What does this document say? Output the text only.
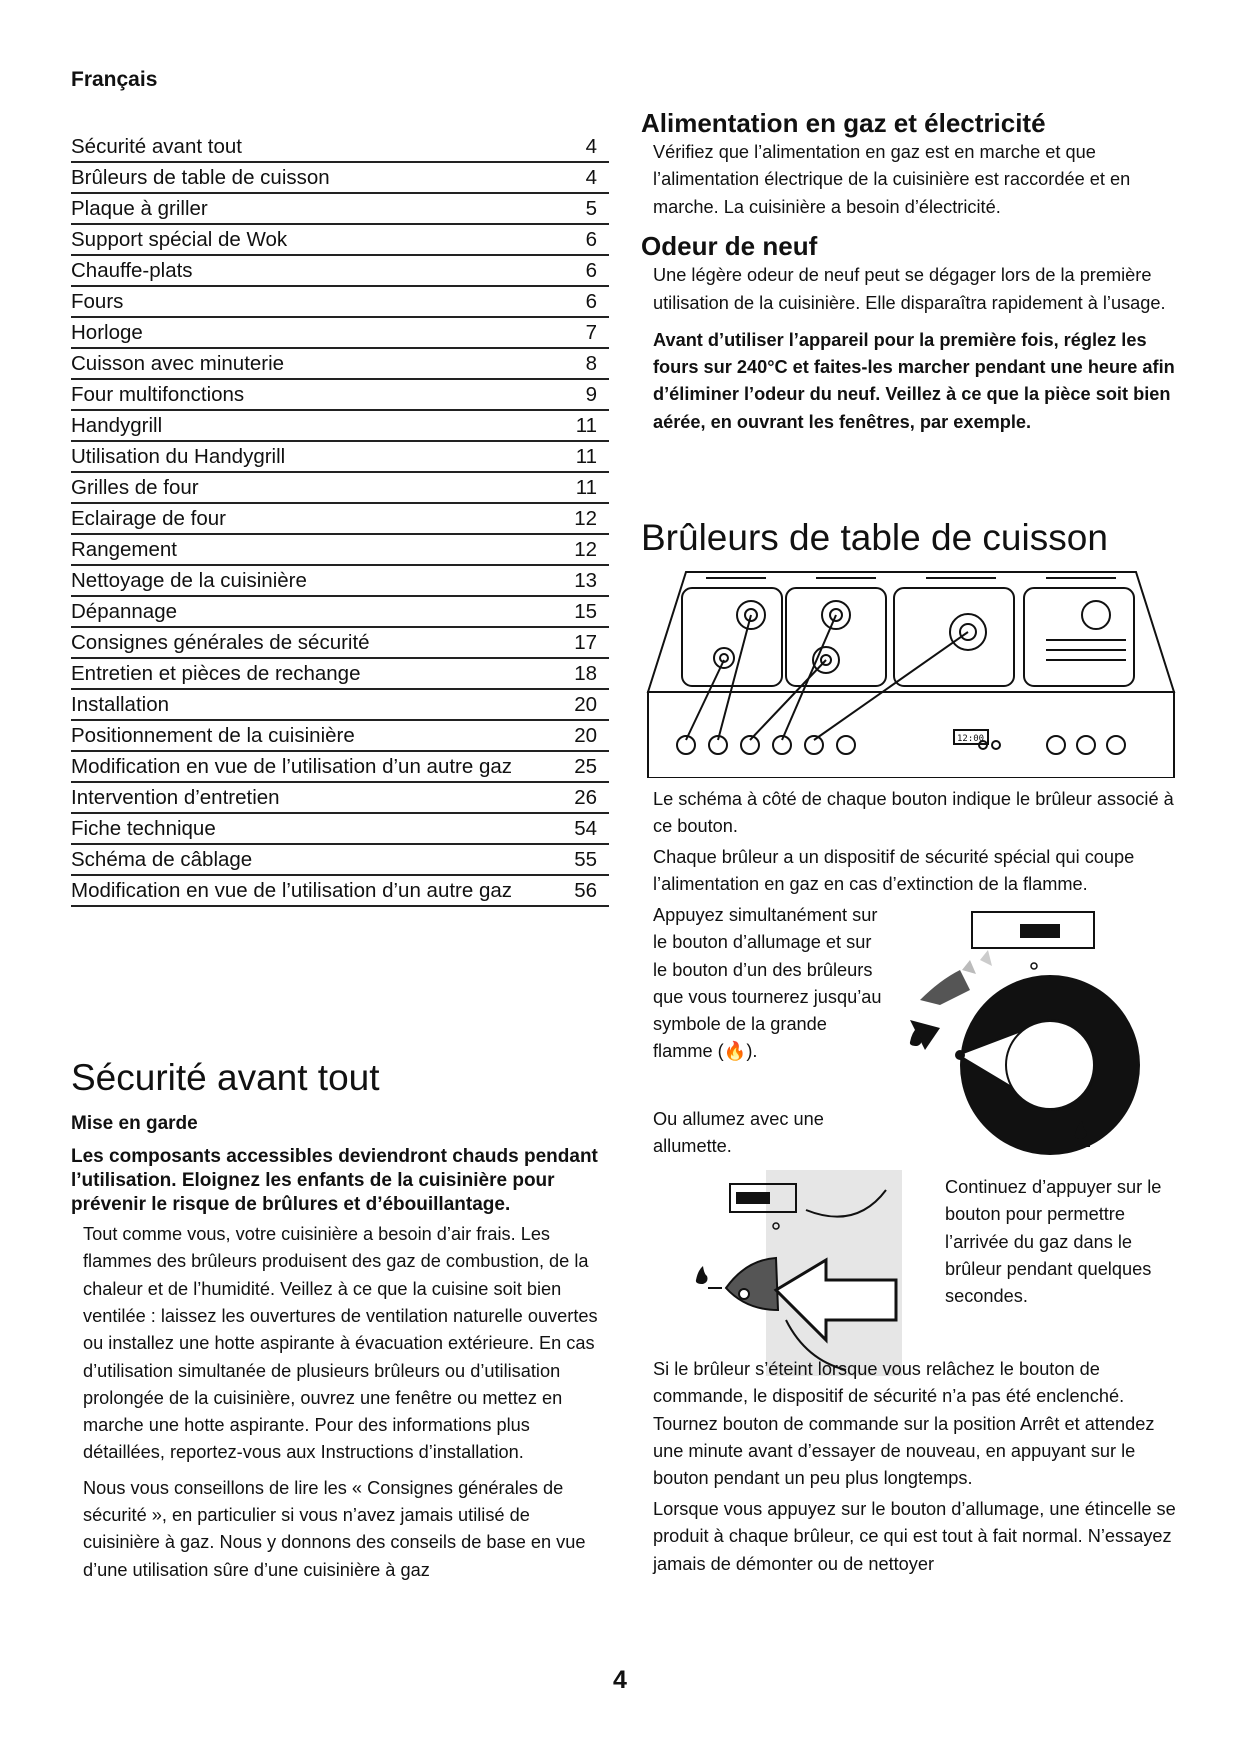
Français
Sécurité avant tout	4
Brûleurs de table de cuisson	4
Plaque à griller	5
Support spécial de Wok	6
Chauffe-plats	6
Fours	6
Horloge	7
Cuisson avec minuterie	8
Four multifonctions	9
Handygrill	11
Utilisation du Handygrill	11
Grilles de four	11
Eclairage de four	12
Rangement	12
Nettoyage de la cuisinière	13
Dépannage	15
Consignes générales de sécurité	17
Entretien et pièces de rechange	18
Installation	20
Positionnement de la cuisinière	20
Modification en vue de l’utilisation d’un autre gaz	25
Intervention d’entretien	26
Fiche technique	54
Schéma de câblage	55
Modification en vue de l’utilisation d’un autre gaz	56
Sécurité avant tout
Mise en garde
Les composants accessibles deviendront chauds pendant l’utilisation. Eloignez les enfants de la cuisinière pour prévenir le risque de brûlures et d’ébouillantage.

Tout comme vous, votre cuisinière a besoin d’air frais. Les flammes des brûleurs produisent des gaz de combustion, de la chaleur et de l’humidité. Veillez à ce que la cuisine soit bien ventilée : laissez les ouvertures de ventilation naturelle ouvertes ou installez une hotte aspirante à évacuation extérieure. En cas d’utilisation simultanée de plusieurs brûleurs ou d’utilisation prolongée de la cuisinière, ouvrez une fenêtre ou mettez en marche une hotte aspirante. Pour des informations plus détaillées, reportez-vous aux Instructions d’installation.

Nous vous conseillons de lire les « Consignes générales de sécurité », en particulier si vous n’avez jamais utilisé de cuisinière à gaz. Nous y donnons des conseils de base en vue d’une utilisation sûre d’une cuisinière à gaz

Alimentation en gaz et électricité

Vérifiez que l’alimentation en gaz est en marche et que l’alimentation électrique de la cuisinière est raccordée et en marche. La cuisinière a besoin d’électricité.

Odeur de neuf

Une légère odeur de neuf peut se dégager lors de la première utilisation de la cuisinière. Elle disparaîtra rapidement à l’usage.

Avant d’utiliser l’appareil pour la première fois, réglez les fours sur 240°C et faites-les marcher pendant une heure afin d’éliminer l’odeur du neuf. Veillez à ce que la pièce soit bien aérée, en ouvrant les fenêtres, par exemple.

Brûleurs de table de cuisson
12:00

Le schéma à côté de chaque bouton indique le brûleur associé à ce bouton.

Chaque brûleur a un dispositif de sécurité spécial qui coupe l’alimentation en gaz en cas d’extinction de la flamme.

Appuyez simultanément sur le bouton d’allumage et sur le bouton d’un des brûleurs que vous tournerez jusqu’au symbole de la grande flamme (🔥).

Ou allumez avec une allumette.

Continuez d’appuyer sur le bouton pour permettre l’arrivée du gaz dans le brûleur pendant quelques secondes.

Si le brûleur s’éteint lorsque vous relâchez le bouton de commande, le dispositif de sécurité n’a pas été enclenché. Tournez bouton de commande sur la position Arrêt et attendez une minute avant d’essayer de nouveau, en appuyant sur le bouton pendant un peu plus longtemps.

Lorsque vous appuyez sur le bouton d’allumage, une étincelle se produit à chaque brûleur, ce qui est tout à fait normal. N’essayez jamais de démonter ou de nettoyer

4
